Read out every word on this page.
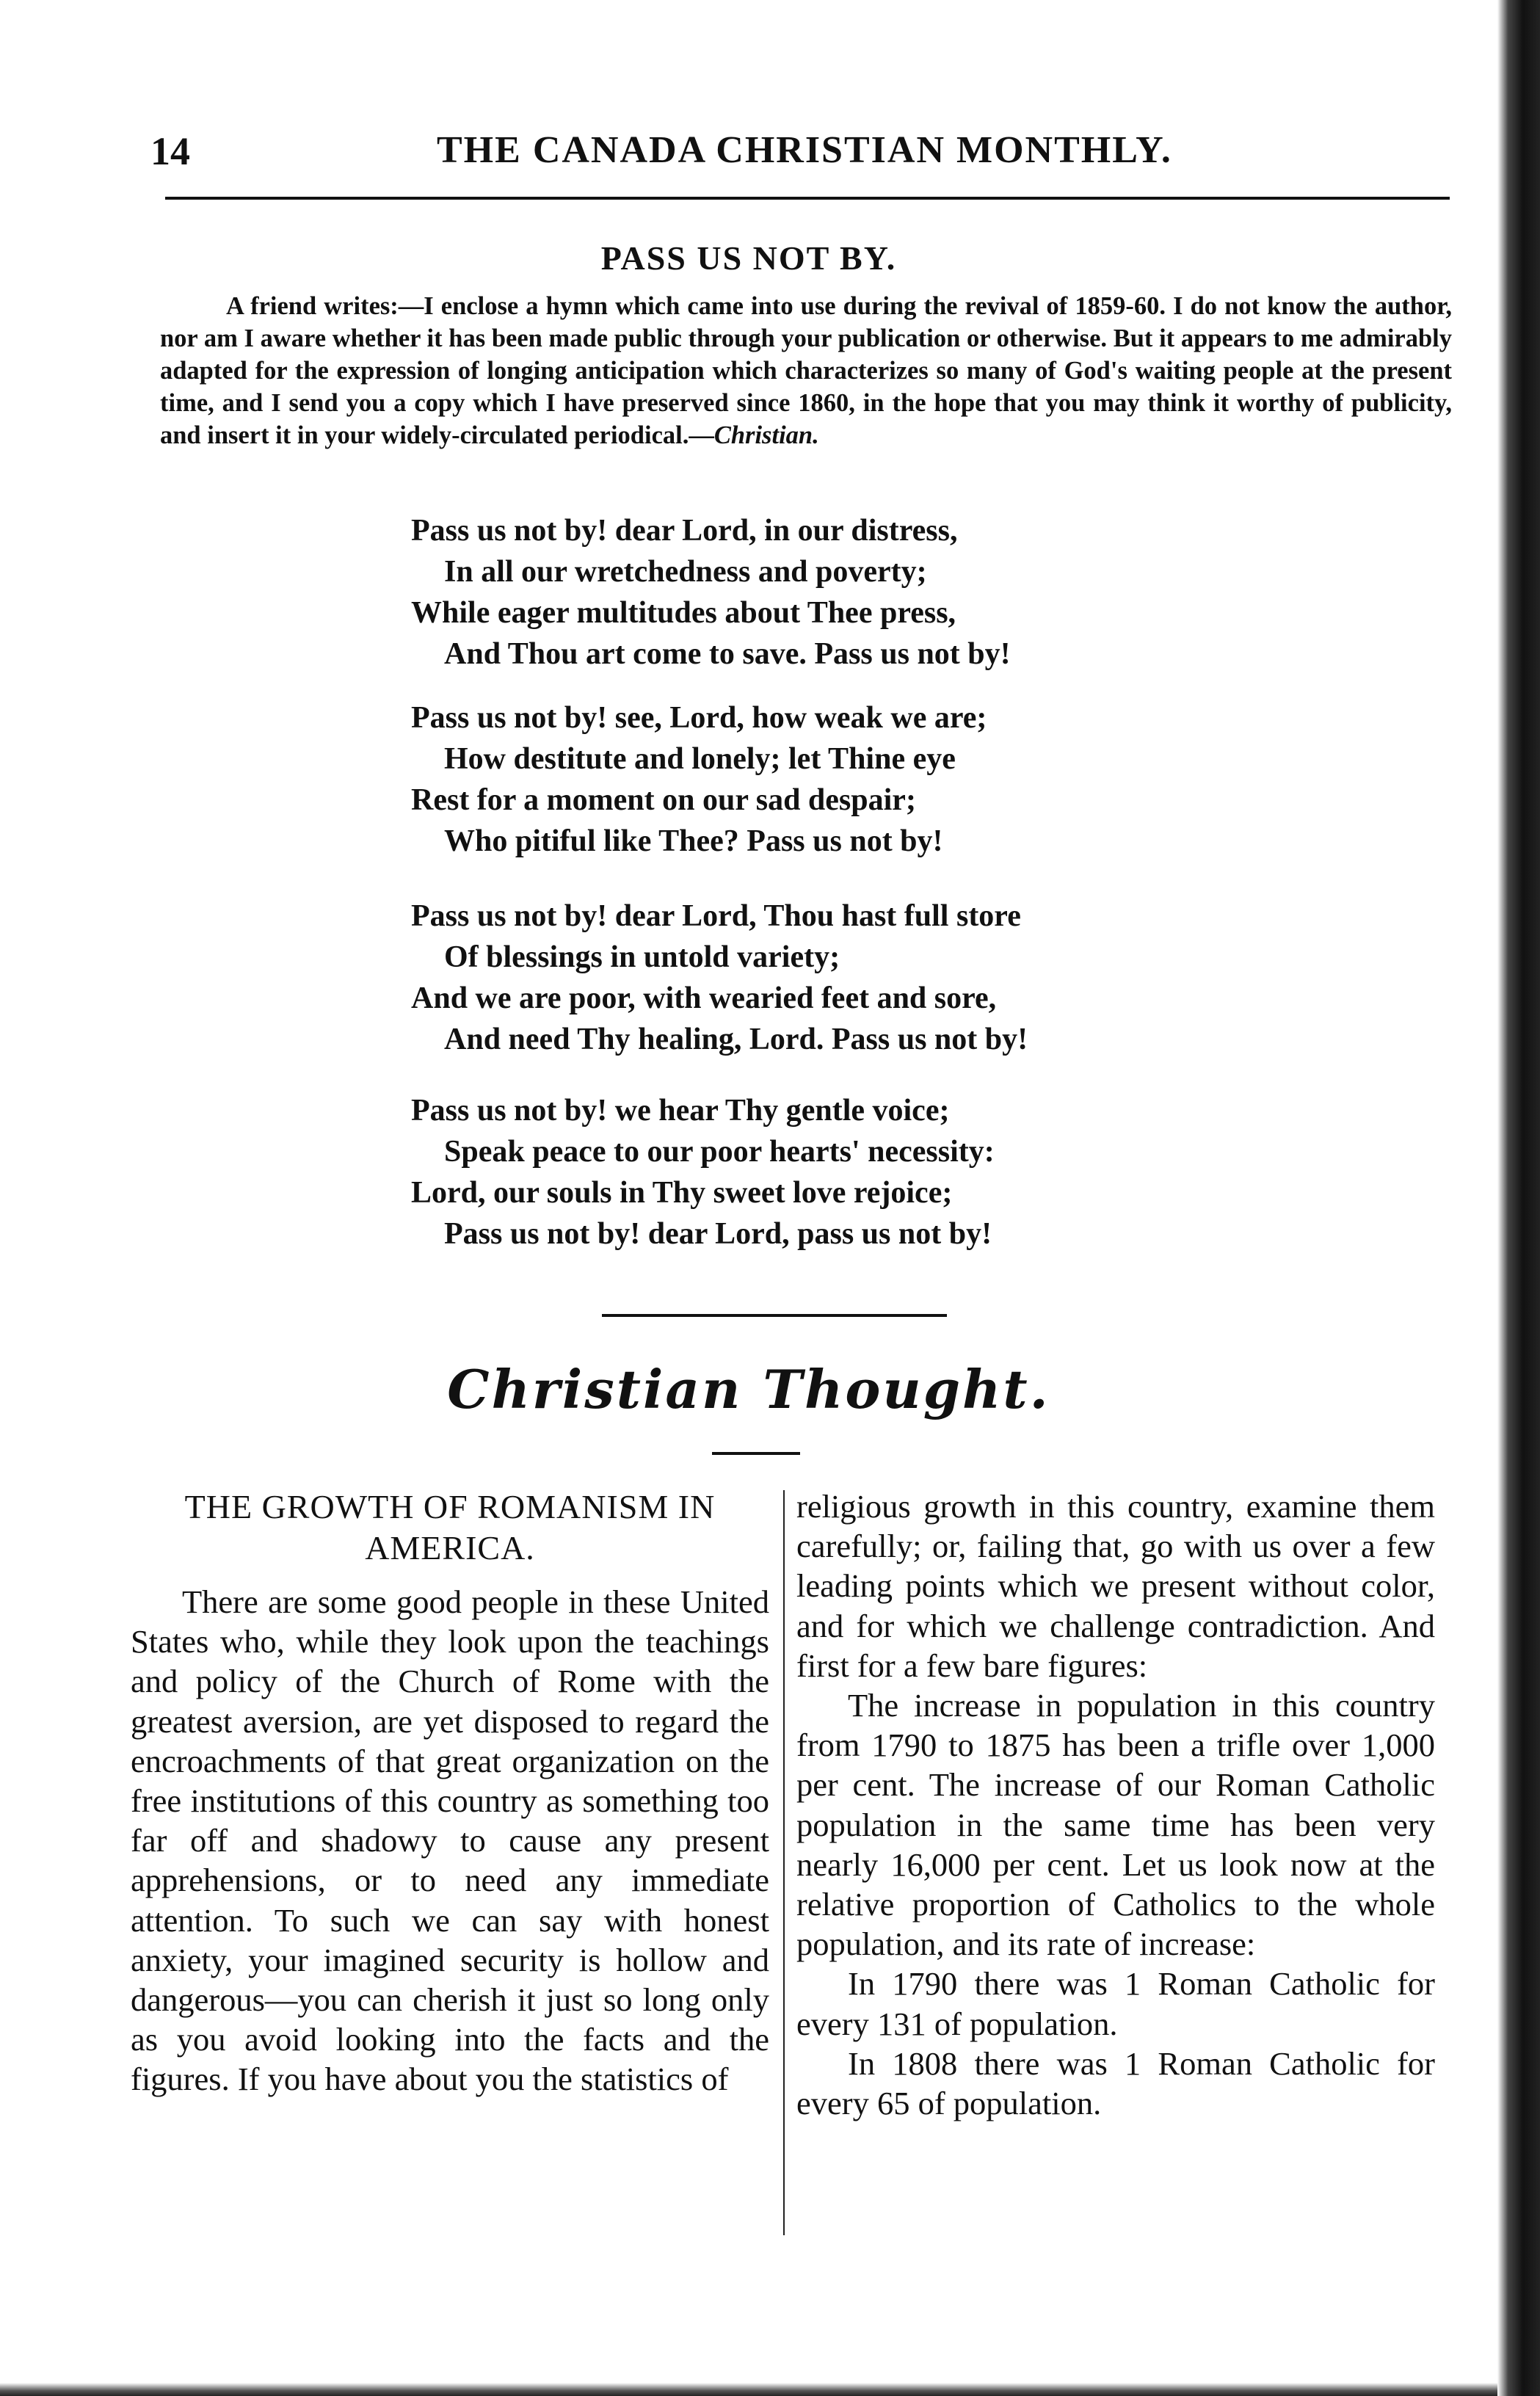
14	THE CANADA CHRISTIAN MONTHLY.
PASS US NOT BY.

A friend writes:—I enclose a hymn which came into use during the revival of 1859-60. I do not know the author, nor am I aware whether it has been made public through your publication or otherwise. But it appears to me admirably adapted for the expression of longing anticipation which characterizes so many of God's waiting people at the present time, and I send you a copy which I have preserved since 1860, in the hope that you may think it worthy of publicity, and insert it in your widely-circulated periodical.—Christian.

Pass us not by! dear Lord, in our distress,
In all our wretchedness and poverty;
While eager multitudes about Thee press,
And Thou art come to save. Pass us not by!
Pass us not by! see, Lord, how weak we are;
How destitute and lonely; let Thine eye
Rest for a moment on our sad despair;
Who pitiful like Thee? Pass us not by!
Pass us not by! dear Lord, Thou hast full store
Of blessings in untold variety;
And we are poor, with wearied feet and sore,
And need Thy healing, Lord. Pass us not by!
Pass us not by! we hear Thy gentle voice;
Speak peace to our poor hearts' necessity:
Lord, our souls in Thy sweet love rejoice;
Pass us not by! dear Lord, pass us not by!
Christian Thought.
THE GROWTH OF ROMANISM IN AMERICA.

There are some good people in these United States who, while they look upon the teachings and policy of the Church of Rome with the greatest aversion, are yet disposed to regard the encroachments of that great organization on the free institutions of this country as something too far off and shadowy to cause any present apprehensions, or to need any immediate attention. To such we can say with honest anxiety, your imagined security is hollow and dangerous—you can cherish it just so long only as you avoid looking into the facts and the figures. If you have about you the statistics of

religious growth in this country, examine them carefully; or, failing that, go with us over a few leading points which we present without color, and for which we challenge contradiction. And first for a few bare figures:

The increase in population in this country from 1790 to 1875 has been a trifle over 1,000 per cent. The increase of our Roman Catholic population in the same time has been very nearly 16,000 per cent. Let us look now at the relative proportion of Catholics to the whole population, and its rate of increase:

In 1790 there was 1 Roman Catholic for every 131 of population.

In 1808 there was 1 Roman Catholic for every 65 of population.
